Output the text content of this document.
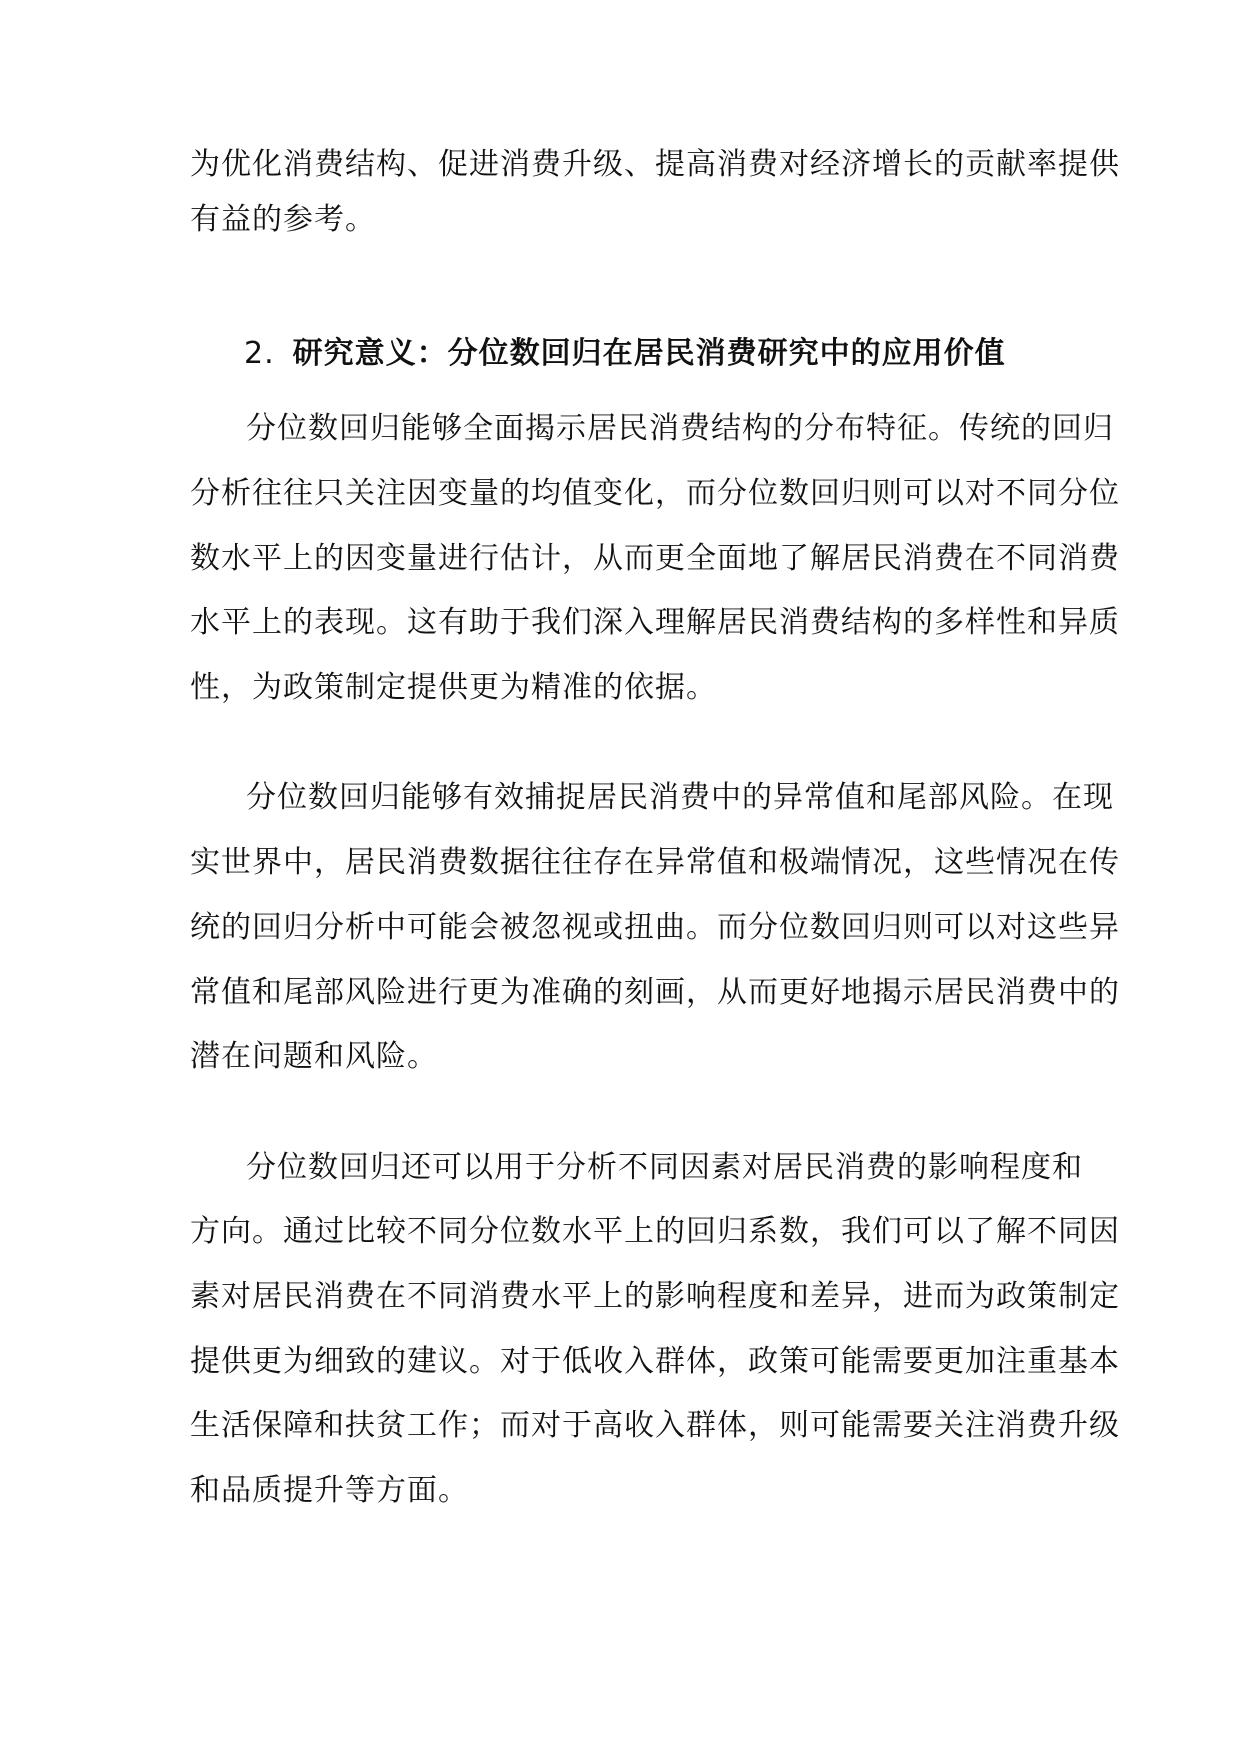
为优化消费结构、促进消费升级、提高消费对经济增长的贡献率提供
有益的参考。
2. 研究意义：分位数回归在居民消费研究中的应用价值
分位数回归能够全面揭示居民消费结构的分布特征。传统的回归
分析往往只关注因变量的均值变化，而分位数回归则可以对不同分位
数水平上的因变量进行估计，从而更全面地了解居民消费在不同消费
水平上的表现。这有助于我们深入理解居民消费结构的多样性和异质
性，为政策制定提供更为精准的依据。
分位数回归能够有效捕捉居民消费中的异常值和尾部风险。在现
实世界中，居民消费数据往往存在异常值和极端情况，这些情况在传
统的回归分析中可能会被忽视或扭曲。而分位数回归则可以对这些异
常值和尾部风险进行更为准确的刻画，从而更好地揭示居民消费中的
潜在问题和风险。
分位数回归还可以用于分析不同因素对居民消费的影响程度和
方向。通过比较不同分位数水平上的回归系数，我们可以了解不同因
素对居民消费在不同消费水平上的影响程度和差异，进而为政策制定
提供更为细致的建议。对于低收入群体，政策可能需要更加注重基本
生活保障和扶贫工作；而对于高收入群体，则可能需要关注消费升级
和品质提升等方面。
